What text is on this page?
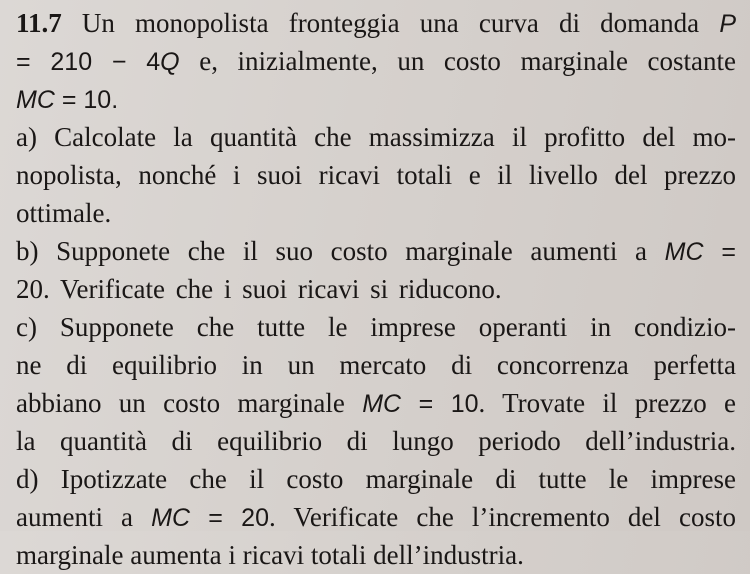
11.7 Un monopolista fronteggia una curva di domanda P
= 210 − 4Q e, inizialmente, un costo marginale costante
MC = 10.
a) Calcolate la quantità che massimizza il profitto del mo-
nopolista, nonché i suoi ricavi totali e il livello del prezzo
ottimale.
b) Supponete che il suo costo marginale aumenti a MC =
20. Verificate che i suoi ricavi si riducono.
c) Supponete che tutte le imprese operanti in condizio-
ne di equilibrio in un mercato di concorrenza perfetta
abbiano un costo marginale MC = 10. Trovate il prezzo e
la quantità di equilibrio di lungo periodo dell’industria.
d) Ipotizzate che il costo marginale di tutte le imprese
aumenti a MC = 20. Verificate che l’incremento del costo
marginale aumenta i ricavi totali dell’industria.
